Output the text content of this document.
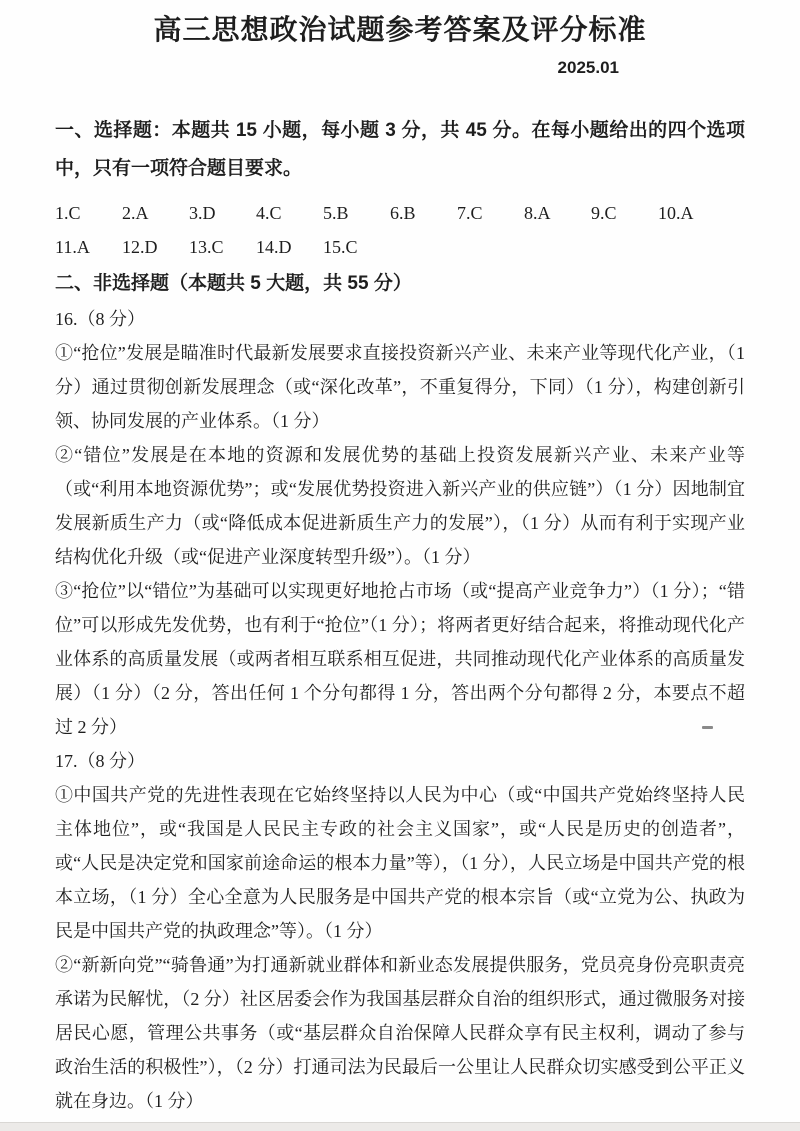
高三思想政治试题参考答案及评分标准
2025.01

一、选择题：本题共 15 小题，每小题 3 分，共 45 分。在每小题给出的四个选项中，只有一项符合题目要求。

1.C	2.A	3.D	4.C	5.B	6.B	7.C	8.A	9.C	10.A
11.A	12.D	13.C	14.D	15.C

二、非选择题（本题共 5 大题，共 55 分）

16.（8 分）

①“抢位”发展是瞄准时代最新发展要求直接投资新兴产业、未来产业等现代化产业，（1 分）通过贯彻创新发展理念（或“深化改革”，不重复得分，下同）（1 分），构建创新引领、协同发展的产业体系。（1 分）

②“错位”发展是在本地的资源和发展优势的基础上投资发展新兴产业、未来产业等（或“利用本地资源优势”；或“发展优势投资进入新兴产业的供应链”）（1 分）因地制宜发展新质生产力（或“降低成本促进新质生产力的发展”），（1 分）从而有利于实现产业结构优化升级（或“促进产业深度转型升级”）。（1 分）

③“抢位”以“错位”为基础可以实现更好地抢占市场（或“提高产业竞争力”）（1 分）；“错位”可以形成先发优势，也有利于“抢位”（1 分）；将两者更好结合起来，将推动现代化产业体系的高质量发展（或两者相互联系相互促进，共同推动现代化产业体系的高质量发展）（1 分）（2 分，答出任何 1 个分句都得 1 分，答出两个分句都得 2 分，本要点不超过 2 分）

17.（8 分）

①中国共产党的先进性表现在它始终坚持以人民为中心（或“中国共产党始终坚持人民主体地位”，或“我国是人民民主专政的社会主义国家”，或“人民是历史的创造者”，或“人民是决定党和国家前途命运的根本力量”等），（1 分），人民立场是中国共产党的根本立场，（1 分）全心全意为人民服务是中国共产党的根本宗旨（或“立党为公、执政为民是中国共产党的执政理念”等）。（1 分）

②“新新向党”“骑鲁通”为打通新就业群体和新业态发展提供服务，党员亮身份亮职责亮承诺为民解忧，（2 分）社区居委会作为我国基层群众自治的组织形式，通过微服务对接居民心愿，管理公共事务（或“基层群众自治保障人民群众享有民主权利，调动了参与政治生活的积极性”），（2 分）打通司法为民最后一公里让人民群众切实感受到公平正义就在身边。（1 分）
